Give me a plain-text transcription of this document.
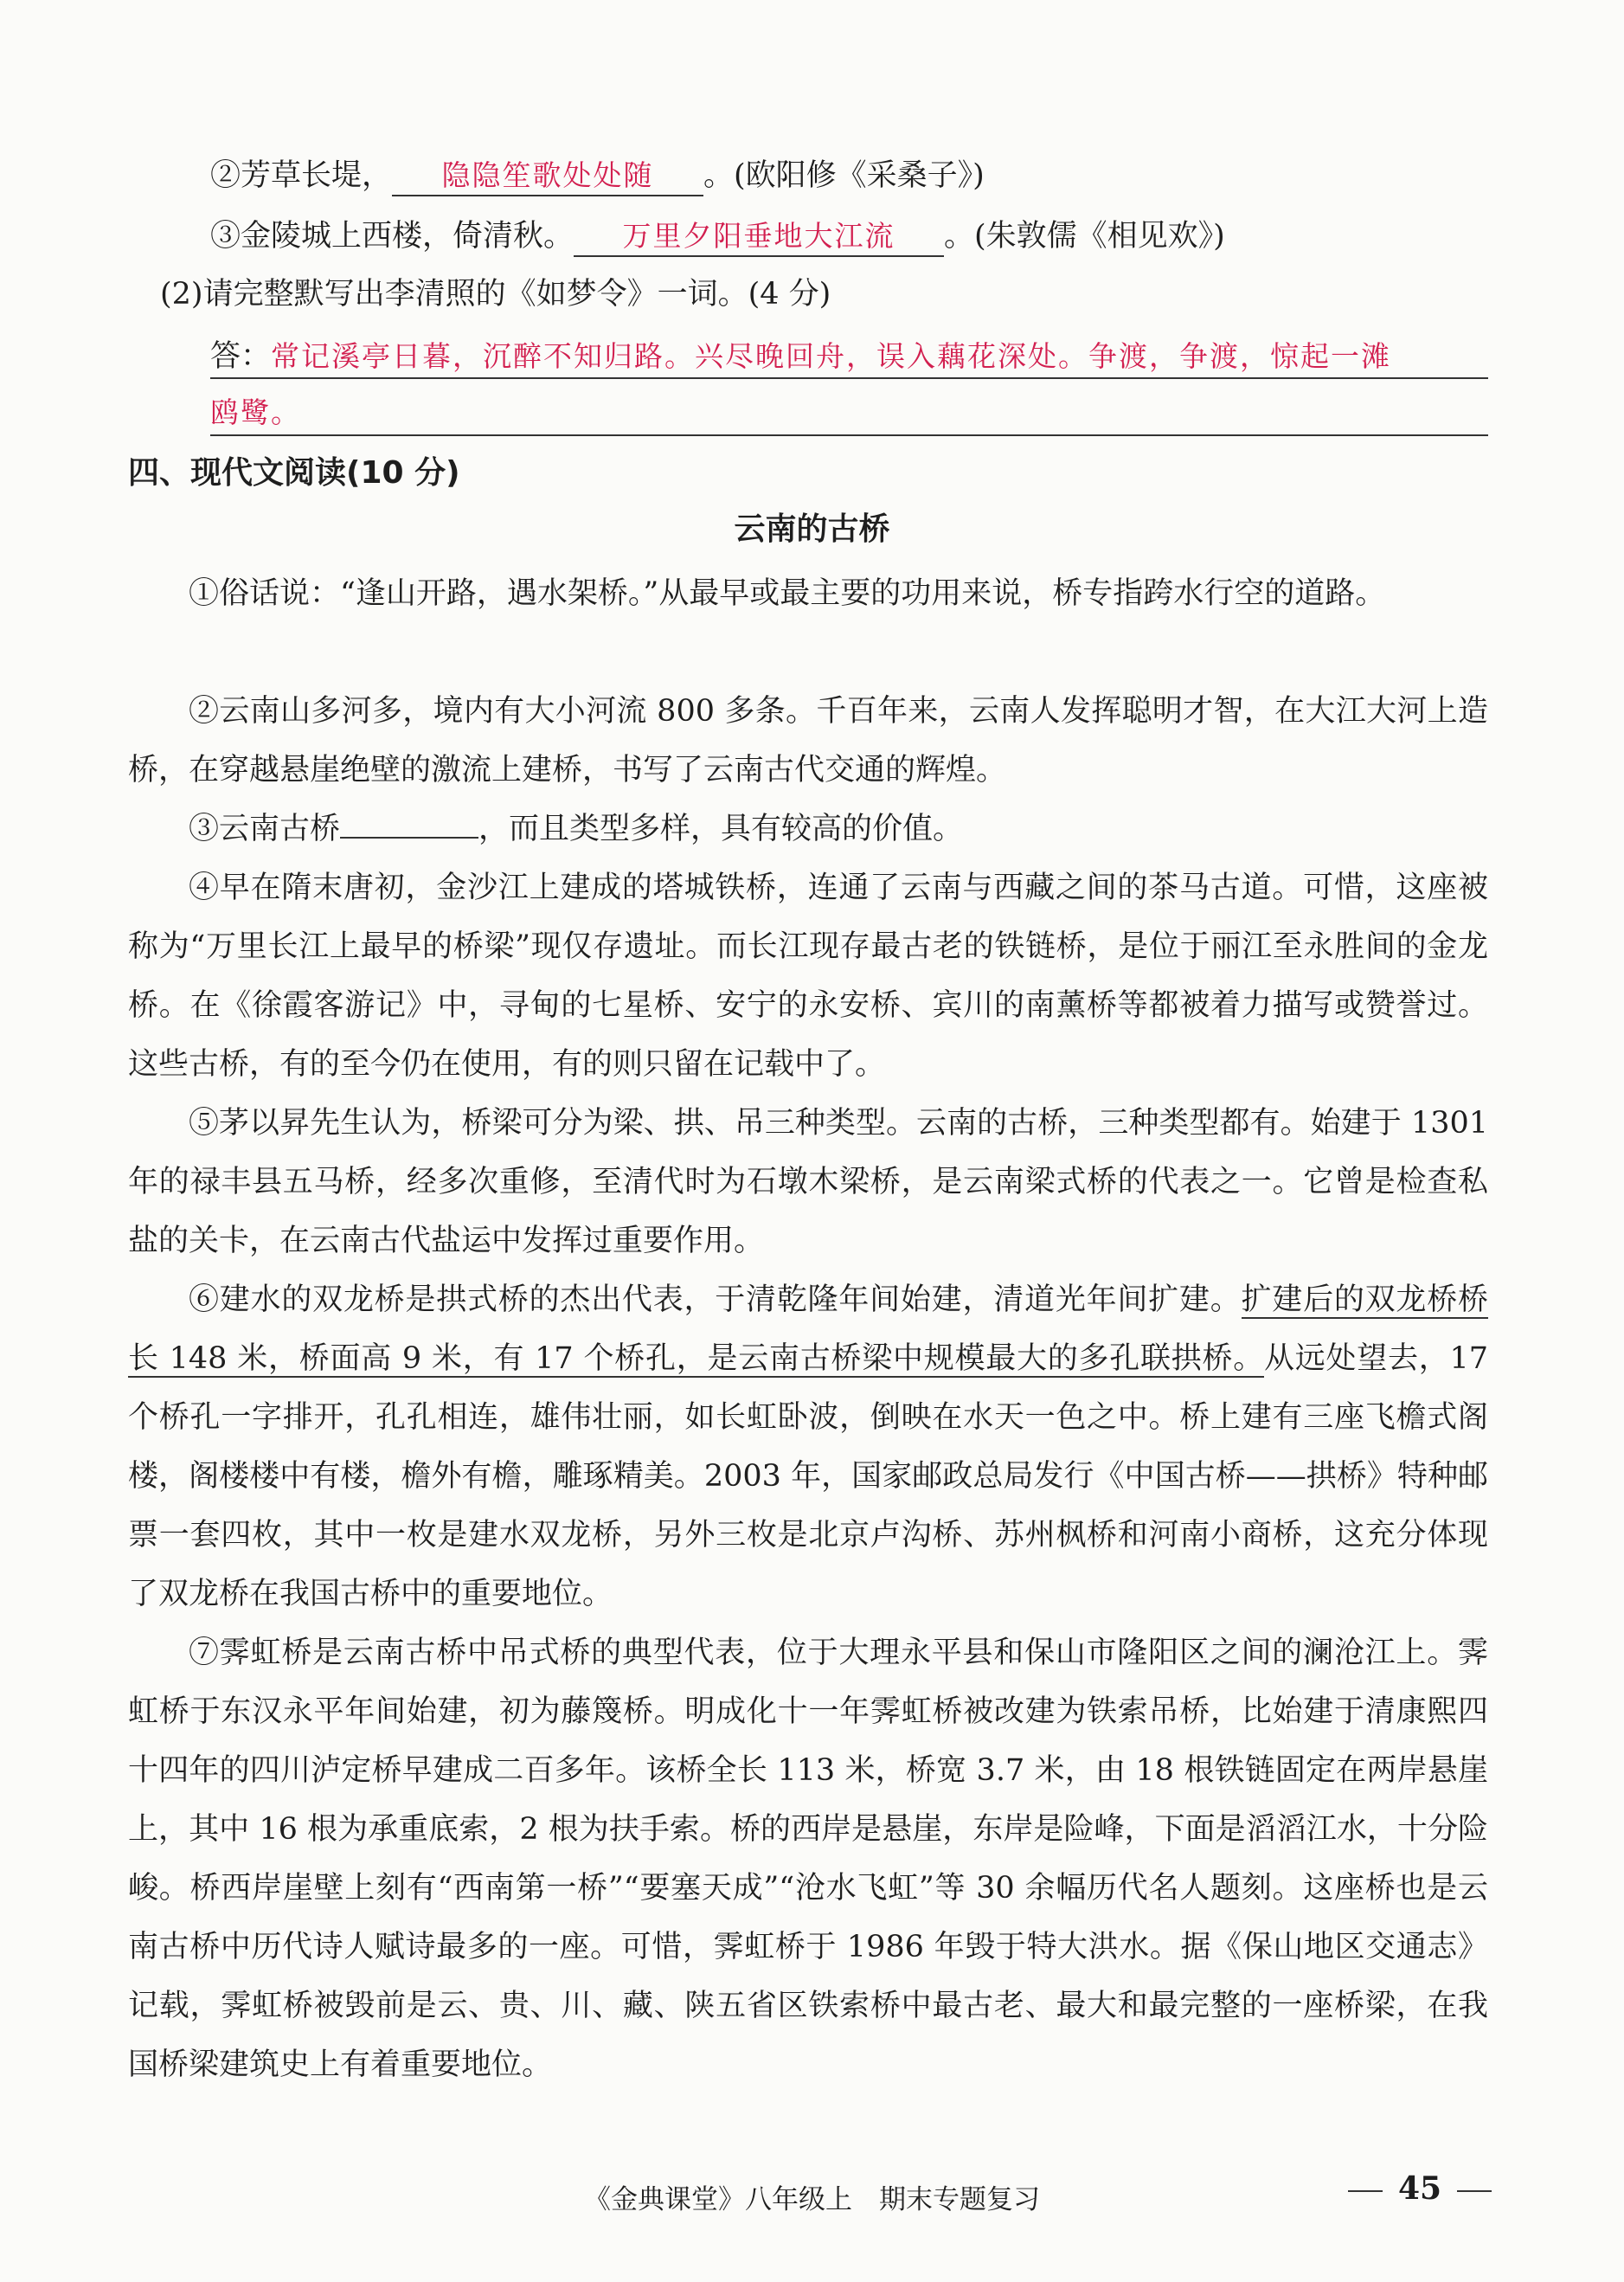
②芳草长堤， 隐隐笙歌处处随 。(欧阳修《采桑子》)
③金陵城上西楼，倚清秋。 万里夕阳垂地大江流 。(朱敦儒《相见欢》)
(2)请完整默写出李清照的《如梦令》一词。(4 分)
答：常记溪亭日暮，沉醉不知归路。兴尽晚回舟，误入藕花深处。争渡，争渡，惊起一滩
鸥鹭。
四、现代文阅读(10 分)
云南的古桥
①俗话说：“逢山开路，遇水架桥。”从最早或最主要的功用来说，桥专指跨水行空的道路。
②云南山多河多，境内有大小河流 800 多条。千百年来，云南人发挥聪明才智，在大江大河上造桥，在穿越悬崖绝壁的激流上建桥，书写了云南古代交通的辉煌。
③云南古桥	，而且类型多样，具有较高的价值。
④早在隋末唐初，金沙江上建成的塔城铁桥，连通了云南与西藏之间的茶马古道。可惜，这座被称为“万里长江上最早的桥梁”现仅存遗址。而长江现存最古老的铁链桥，是位于丽江至永胜间的金龙桥。在《徐霞客游记》中，寻甸的七星桥、安宁的永安桥、宾川的南薰桥等都被着力描写或赞誉过。这些古桥，有的至今仍在使用，有的则只留在记载中了。
⑤茅以昇先生认为，桥梁可分为梁、拱、吊三种类型。云南的古桥，三种类型都有。始建于 1301 年的禄丰县五马桥，经多次重修，至清代时为石墩木梁桥，是云南梁式桥的代表之一。它曾是检查私盐的关卡，在云南古代盐运中发挥过重要作用。
⑥建水的双龙桥是拱式桥的杰出代表，于清乾隆年间始建，清道光年间扩建。扩建后的双龙桥桥长 148 米，桥面高 9 米，有 17 个桥孔，是云南古桥梁中规模最大的多孔联拱桥。从远处望去，17 个桥孔一字排开，孔孔相连，雄伟壮丽，如长虹卧波，倒映在水天一色之中。桥上建有三座飞檐式阁楼，阁楼楼中有楼，檐外有檐，雕琢精美。2003 年，国家邮政总局发行《中国古桥——拱桥》特种邮票一套四枚，其中一枚是建水双龙桥，另外三枚是北京卢沟桥、苏州枫桥和河南小商桥，这充分体现了双龙桥在我国古桥中的重要地位。
⑦霁虹桥是云南古桥中吊式桥的典型代表，位于大理永平县和保山市隆阳区之间的澜沧江上。霁虹桥于东汉永平年间始建，初为藤篾桥。明成化十一年霁虹桥被改建为铁索吊桥，比始建于清康熙四十四年的四川泸定桥早建成二百多年。该桥全长 113 米，桥宽 3.7 米，由 18 根铁链固定在两岸悬崖上，其中 16 根为承重底索，2 根为扶手索。桥的西岸是悬崖，东岸是险峰，下面是滔滔江水，十分险峻。桥西岸崖壁上刻有“西南第一桥”“要塞天成”“沧水飞虹”等 30 余幅历代名人题刻。这座桥也是云南古桥中历代诗人赋诗最多的一座。可惜，霁虹桥于 1986 年毁于特大洪水。据《保山地区交通志》记载，霁虹桥被毁前是云、贵、川、藏、陕五省区铁索桥中最古老、最大和最完整的一座桥梁，在我国桥梁建筑史上有着重要地位。
《金典课堂》八年级上　期末专题复习	45
